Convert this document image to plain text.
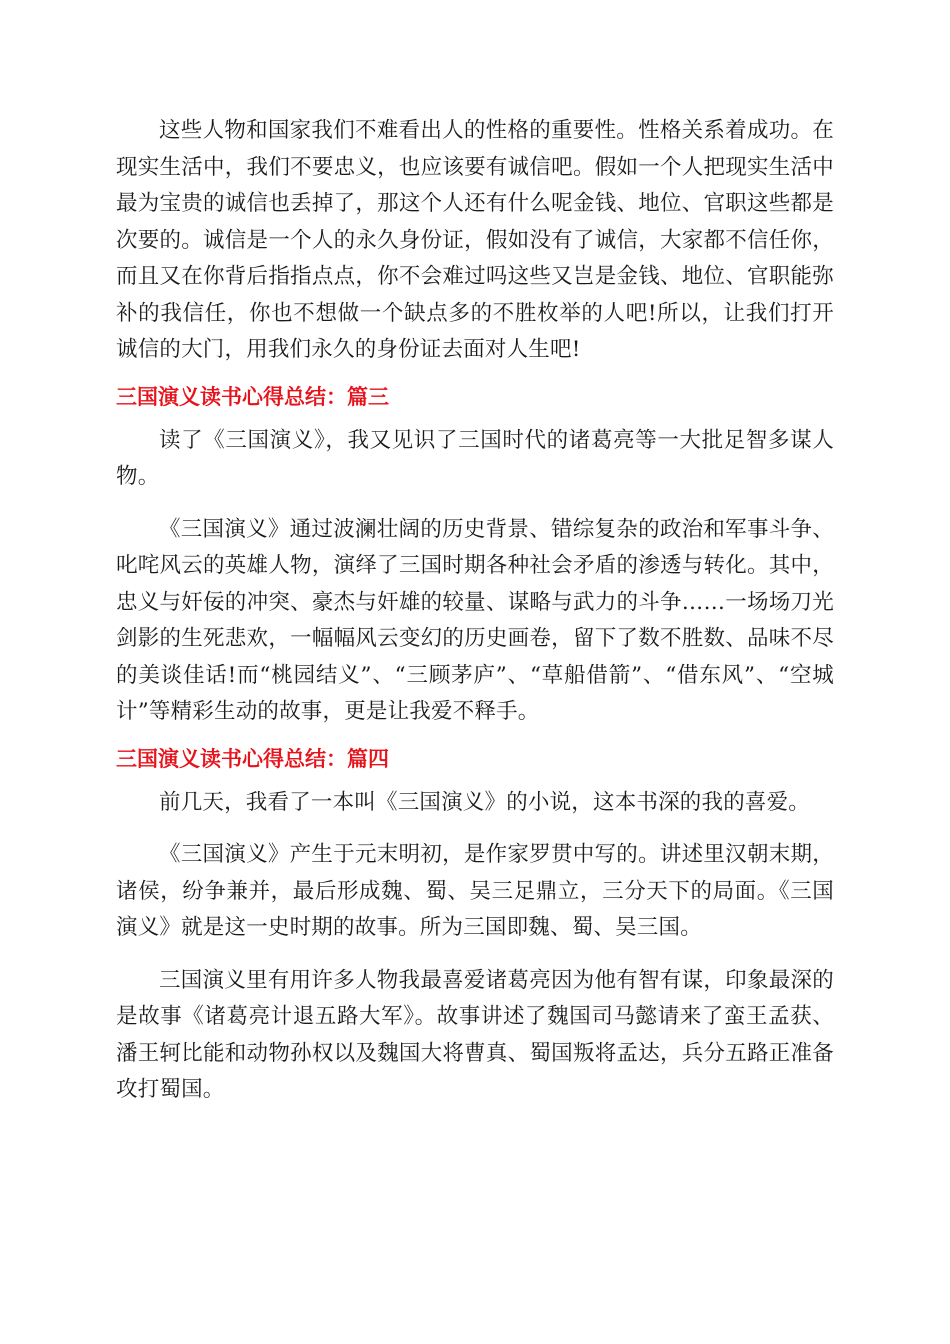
这些人物和国家我们不难看出人的性格的重要性。性格关系着成功。在现实生活中，我们不要忠义，也应该要有诚信吧。假如一个人把现实生活中最为宝贵的诚信也丢掉了，那这个人还有什么呢金钱、地位、官职这些都是次要的。诚信是一个人的永久身份证，假如没有了诚信，大家都不信任你，而且又在你背后指指点点，你不会难过吗这些又岂是金钱、地位、官职能弥补的我信任，你也不想做一个缺点多的不胜枚举的人吧!所以，让我们打开诚信的大门，用我们永久的身份证去面对人生吧!

三国演义读书心得总结：篇三

读了《三国演义》，我又见识了三国时代的诸葛亮等一大批足智多谋人物。

《三国演义》通过波澜壮阔的历史背景、错综复杂的政治和军事斗争、叱咤风云的英雄人物，演绎了三国时期各种社会矛盾的渗透与转化。其中，忠义与奸佞的冲突、豪杰与奸雄的较量、谋略与武力的斗争……一场场刀光剑影的生死悲欢，一幅幅风云变幻的历史画卷，留下了数不胜数、品味不尽的美谈佳话!而“桃园结义”、“三顾茅庐”、“草船借箭”、“借东风”、“空城计”等精彩生动的故事，更是让我爱不释手。

三国演义读书心得总结：篇四

前几天，我看了一本叫《三国演义》的小说，这本书深的我的喜爱。

《三国演义》产生于元末明初，是作家罗贯中写的。讲述里汉朝末期，诸侯，纷争兼并，最后形成魏、蜀、吴三足鼎立，三分天下的局面。《三国演义》就是这一史时期的故事。所为三国即魏、蜀、吴三国。

三国演义里有用许多人物我最喜爱诸葛亮因为他有智有谋，印象最深的是故事《诸葛亮计退五路大军》。故事讲述了魏国司马懿请来了蛮王孟获、潘王轲比能和动物孙权以及魏国大将曹真、蜀国叛将孟达，兵分五路正准备攻打蜀国。
